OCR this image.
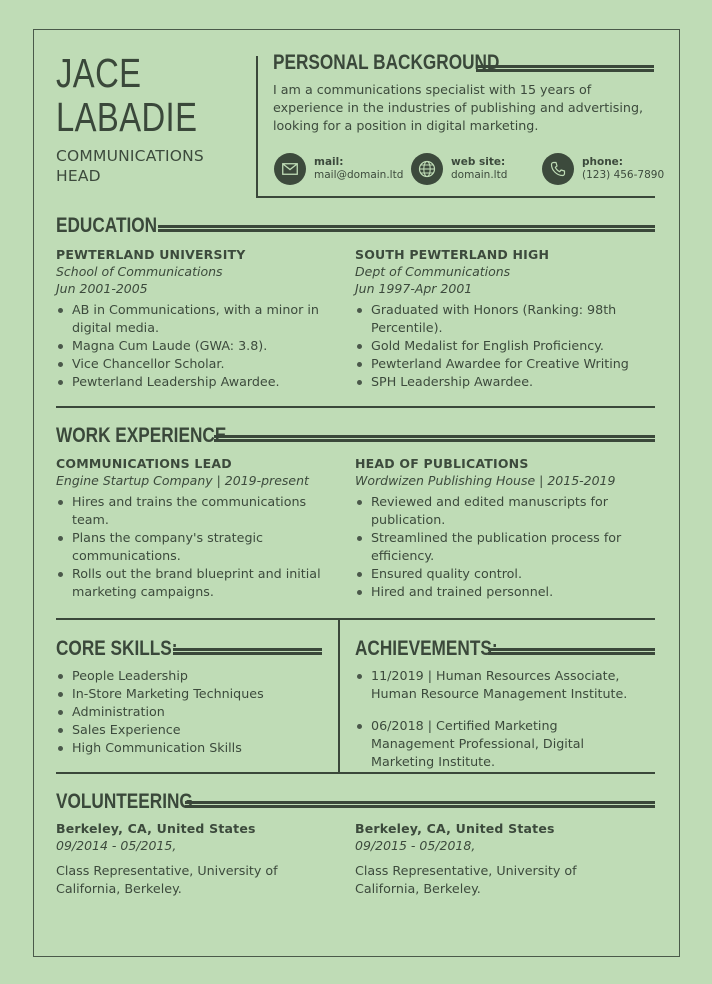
JACE
LABADIE
COMMUNICATIONS
HEAD
PERSONAL BACKGROUND
I am a communications specialist with 15 years of experience in the industries of publishing and advertising, looking for a position in digital marketing.
mail:
mail@domain.ltd
web site:
domain.ltd
phone:
(123) 456-7890
EDUCATION
PEWTERLAND UNIVERSITY
School of Communications
Jun 2001-2005
AB in Communications, with a minor in digital media.
Magna Cum Laude (GWA: 3.8).
Vice Chancellor Scholar.
Pewterland Leadership Awardee.
SOUTH PEWTERLAND HIGH
Dept of Communications
Jun 1997-Apr 2001
Graduated with Honors (Ranking: 98th Percentile).
Gold Medalist for English Proficiency.
Pewterland Awardee for Creative Writing
SPH Leadership Awardee.
WORK EXPERIENCE
COMMUNICATIONS LEAD
Engine Startup Company | 2019-present
Hires and trains the communications team.
Plans the company's strategic communications.
Rolls out the brand blueprint and initial marketing campaigns.
HEAD OF PUBLICATIONS
Wordwizen Publishing House | 2015-2019
Reviewed and edited manuscripts for publication.
Streamlined the publication process for efficiency.
Ensured quality control.
Hired and trained personnel.
CORE SKILLS:
People Leadership
In-Store Marketing Techniques
Administration
Sales Experience
High Communication Skills
ACHIEVEMENTS:
11/2019 | Human Resources Associate, Human Resource Management Institute.
06/2018 | Certified Marketing Management Professional, Digital Marketing Institute.
VOLUNTEERING
Berkeley, CA, United States
09/2014 - 05/2015,
Class Representative, University of California, Berkeley.
Berkeley, CA, United States
09/2015 - 05/2018,
Class Representative, University of California, Berkeley.
